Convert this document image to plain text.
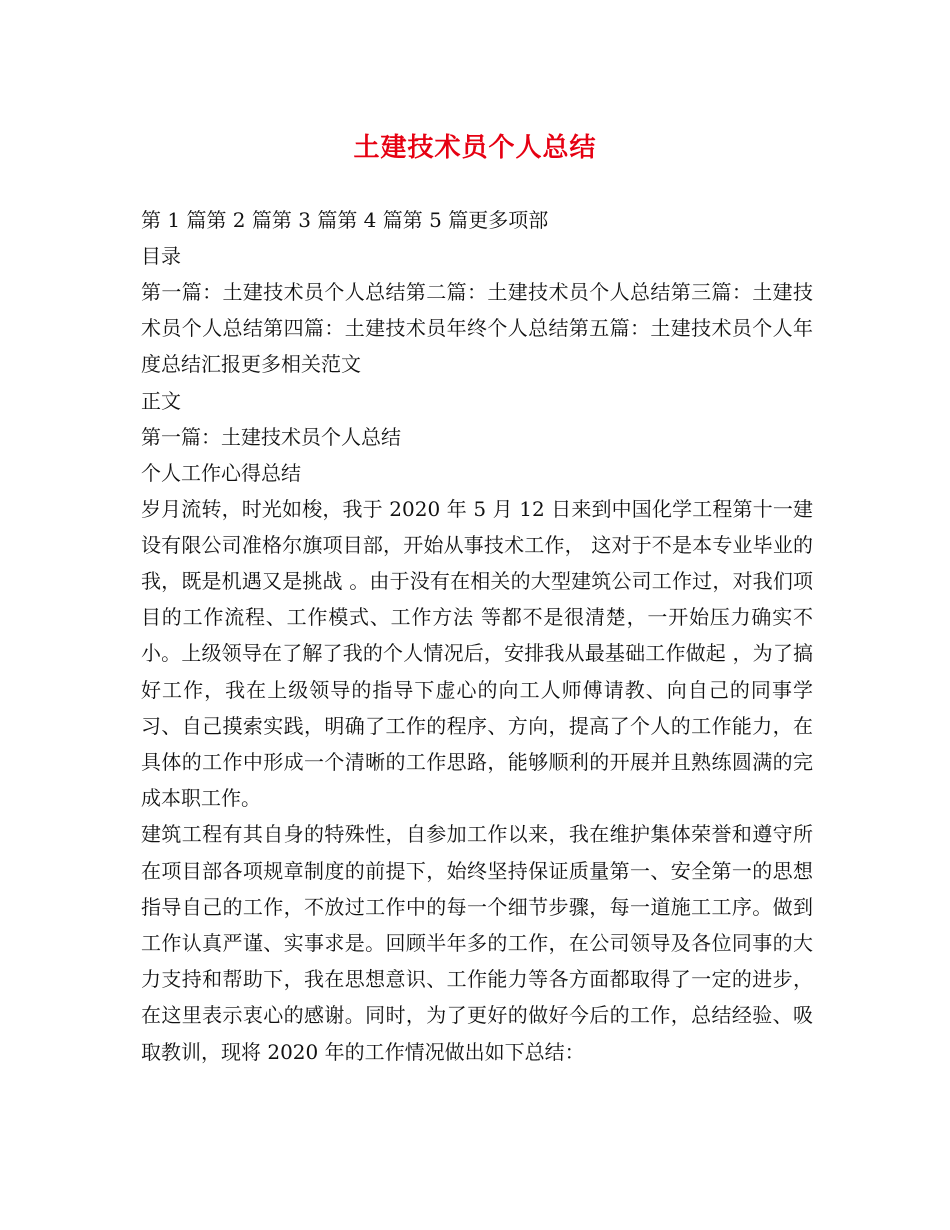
土建技术员个人总结
第 1 篇第 2 篇第 3 篇第 4 篇第 5 篇更多项部
目录
第一篇：土建技术员个人总结第二篇：土建技术员个人总结第三篇：土建技术员个人总结第四篇：土建技术员年终个人总结第五篇：土建技术员个人年度总结汇报更多相关范文
正文
第一篇：土建技术员个人总结
个人工作心得总结
岁月流转，时光如梭，我于 2020 年 5 月 12 日来到中国化学工程第十一建设有限公司准格尔旗项目部，开始从事技术工作， 这对于不是本专业毕业的我，既是机遇又是挑战 。由于没有在相关的大型建筑公司工作过，对我们项目的工作流程、工作模式、工作方法 等都不是很清楚，一开始压力确实不小。上级领导在了解了我的个人情况后，安排我从最基础工作做起 ，为了搞好工作，我在上级领导的指导下虚心的向工人师傅请教、向自己的同事学习、自己摸索实践，明确了工作的程序、方向，提高了个人的工作能力，在具体的工作中形成一个清晰的工作思路，能够顺利的开展并且熟练圆满的完成本职工作。
建筑工程有其自身的特殊性，自参加工作以来，我在维护集体荣誉和遵守所在项目部各项规章制度的前提下，始终坚持保证质量第一、安全第一的思想指导自己的工作，不放过工作中的每一个细节步骤，每一道施工工序。做到工作认真严谨、实事求是。回顾半年多的工作，在公司领导及各位同事的大力支持和帮助下，我在思想意识、工作能力等各方面都取得了一定的进步，在这里表示衷心的感谢。同时，为了更好的做好今后的工作，总结经验、吸取教训，现将 2020 年的工作情况做出如下总结：
